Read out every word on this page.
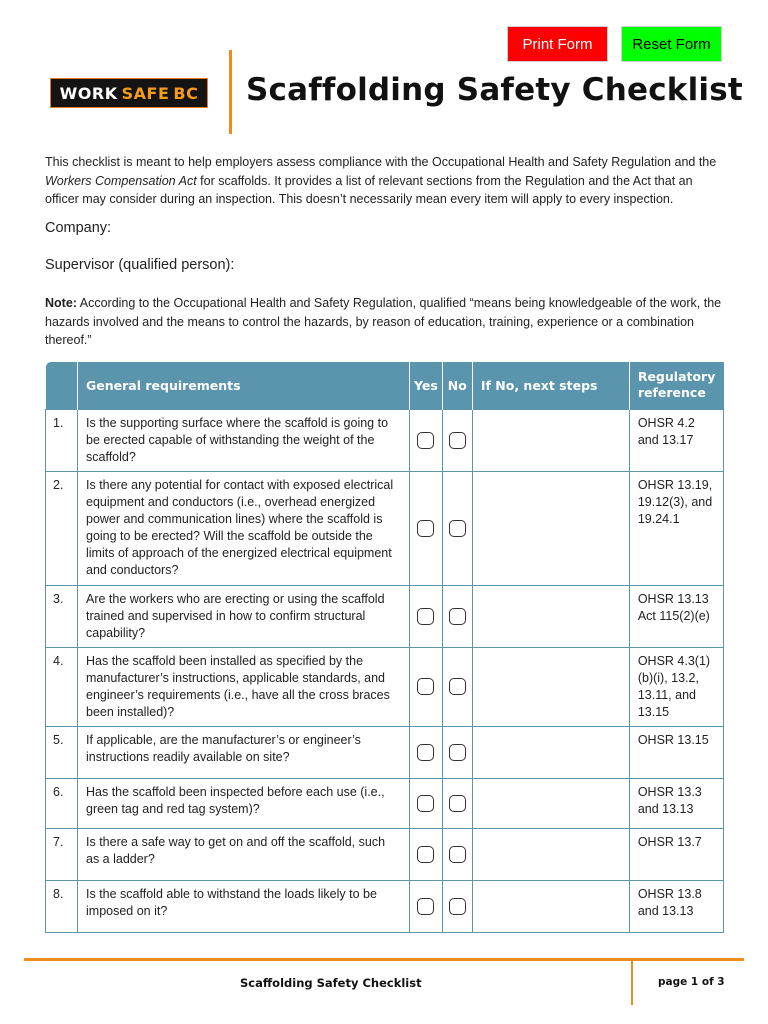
Print Form	Reset Form
WORK SAFE BC Scaffolding Safety Checklist

This checklist is meant to help employers assess compliance with the Occupational Health and Safety Regulation and the Workers Compensation Act for scaffolds. It provides a list of relevant sections from the Regulation and the Act that an officer may consider during an inspection. This doesn’t necessarily mean every item will apply to every inspection.

Company:
Supervisor (qualified person):

Note: According to the Occupational Health and Safety Regulation, qualified “means being knowledgeable of the work, the hazards involved and the means to control the hazards, by reason of education, training, experience or a combination thereof.”

	General requirements	Yes	No	If No, next steps	Regulatory reference
1.	Is the supporting surface where the scaffold is going to be erected capable of withstanding the weight of the scaffold?				OHSR 4.2 and 13.17
2.	Is there any potential for contact with exposed electrical equipment and conductors (i.e., overhead energized power and communication lines) where the scaffold is going to be erected? Will the scaffold be outside the limits of approach of the energized electrical equipment and conductors?				OHSR 13.19, 19.12(3), and 19.24.1
3.	Are the workers who are erecting or using the scaffold trained and supervised in how to confirm structural capability?				OHSR 13.13 Act 115(2)(e)
4.	Has the scaffold been installed as specified by the manufacturer’s instructions, applicable standards, and engineer’s requirements (i.e., have all the cross braces been installed)?				OHSR 4.3(1)(b)(i), 13.2, 13.11, and 13.15
5.	If applicable, are the manufacturer’s or engineer’s instructions readily available on site?				OHSR 13.15
6.	Has the scaffold been inspected before each use (i.e., green tag and red tag system)?				OHSR 13.3 and 13.13
7.	Is there a safe way to get on and off the scaffold, such as a ladder?				OHSR 13.7
8.	Is the scaffold able to withstand the loads likely to be imposed on it?				OHSR 13.8 and 13.13
Scaffolding Safety Checklist	page 1 of 3
